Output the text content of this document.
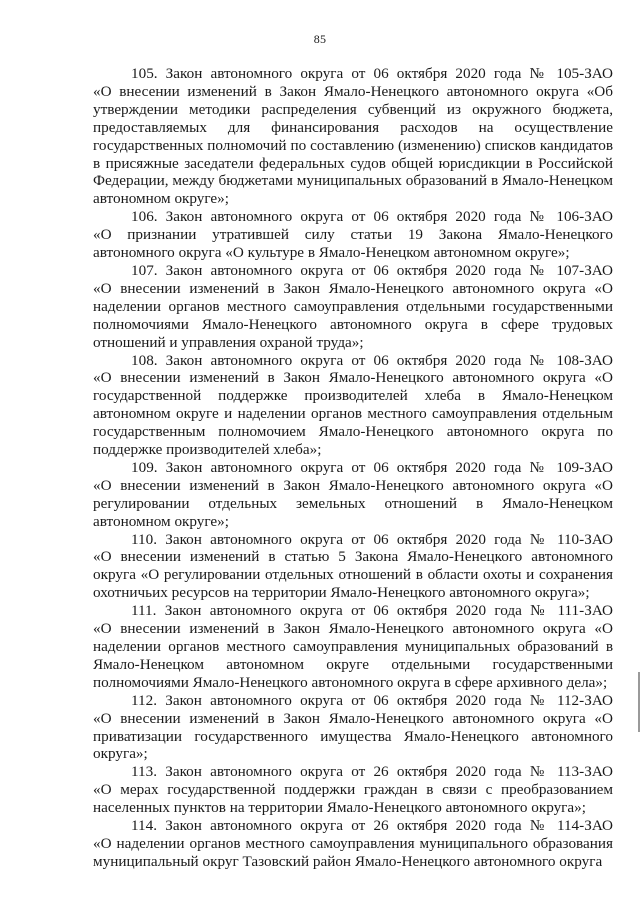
85

105. Закон автономного округа от 06 октября 2020 года № 105-ЗАО
«О внесении изменений в Закон Ямало-Ненецкого автономного округа «Об утверждении методики распределения субвенций из окружного бюджета, предоставляемых для финансирования расходов на осуществление государственных полномочий по составлению (изменению) списков кандидатов в присяжные заседатели федеральных судов общей юрисдикции в Российской Федерации, между бюджетами муниципальных образований в Ямало-Ненецком автономном округе»;

106. Закон автономного округа от 06 октября 2020 года № 106-ЗАО
«О признании утратившей силу статьи 19 Закона Ямало-Ненецкого автономного округа «О культуре в Ямало-Ненецком автономном округе»;

107. Закон автономного округа от 06 октября 2020 года № 107-ЗАО
«О внесении изменений в Закон Ямало-Ненецкого автономного округа «О наделении органов местного самоуправления отдельными государственными полномочиями Ямало-Ненецкого автономного округа в сфере трудовых отношений и управления охраной труда»;

108. Закон автономного округа от 06 октября 2020 года № 108-ЗАО
«О внесении изменений в Закон Ямало-Ненецкого автономного округа «О государственной поддержке производителей хлеба в Ямало-Ненецком автономном округе и наделении органов местного самоуправления отдельным государственным полномочием Ямало-Ненецкого автономного округа по поддержке производителей хлеба»;

109. Закон автономного округа от 06 октября 2020 года № 109-ЗАО
«О внесении изменений в Закон Ямало-Ненецкого автономного округа «О регулировании отдельных земельных отношений в Ямало-Ненецком автономном округе»;

110. Закон автономного округа от 06 октября 2020 года № 110-ЗАО
«О внесении изменений в статью 5 Закона Ямало-Ненецкого автономного округа «О регулировании отдельных отношений в области охоты и сохранения охотничьих ресурсов на территории Ямало-Ненецкого автономного округа»;

111. Закон автономного округа от 06 октября 2020 года № 111-ЗАО
«О внесении изменений в Закон Ямало-Ненецкого автономного округа «О наделении органов местного самоуправления муниципальных образований в Ямало-Ненецком автономном округе отдельными государственными полномочиями Ямало-Ненецкого автономного округа в сфере архивного дела»;

112. Закон автономного округа от 06 октября 2020 года № 112-ЗАО
«О внесении изменений в Закон Ямало-Ненецкого автономного округа «О приватизации государственного имущества Ямало-Ненецкого автономного округа»;

113. Закон автономного округа от 26 октября 2020 года № 113-ЗАО
«О мерах государственной поддержки граждан в связи с преобразованием населенных пунктов на территории Ямало-Ненецкого автономного округа»;

114. Закон автономного округа от 26 октября 2020 года № 114-ЗАО
«О наделении органов местного самоуправления муниципального образования муниципальный округ Тазовский район Ямало-Ненецкого автономного округа
